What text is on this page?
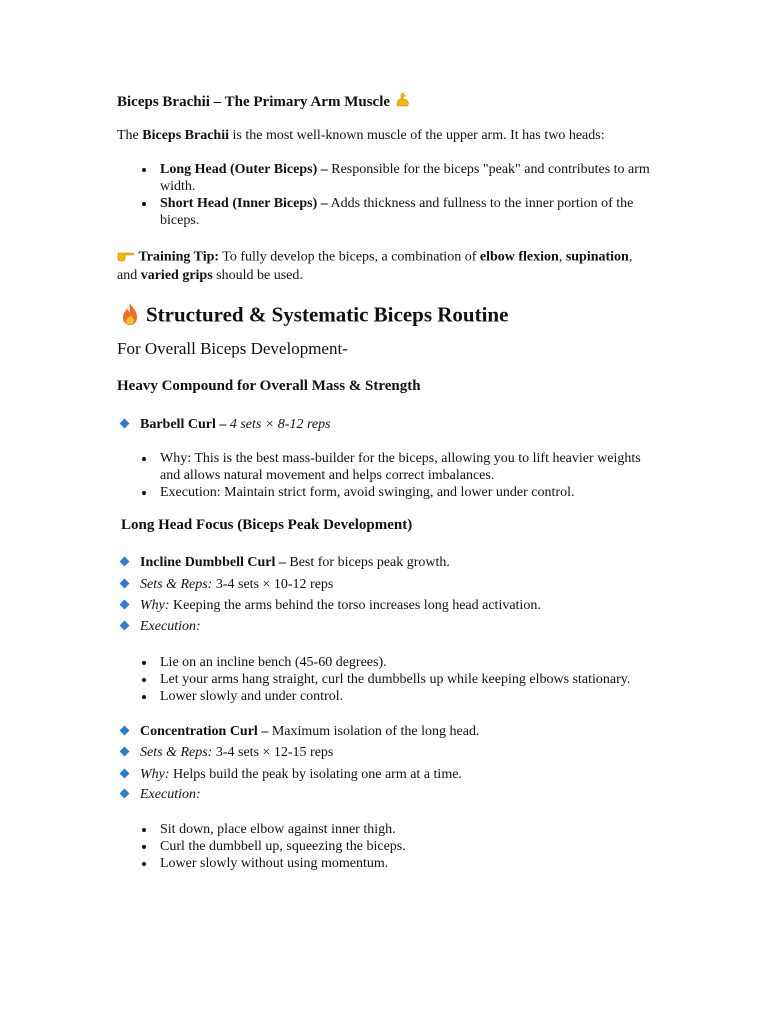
Biceps Brachii – The Primary Arm Muscle
The Biceps Brachii is the most well-known muscle of the upper arm. It has two heads:
Long Head (Outer Biceps) – Responsible for the biceps "peak" and contributes to arm width.
Short Head (Inner Biceps) – Adds thickness and fullness to the inner portion of the biceps.
Training Tip: To fully develop the biceps, a combination of elbow flexion, supination, and varied grips should be used.
Structured & Systematic Biceps Routine
For Overall Biceps Development-
Heavy Compound for Overall Mass & Strength
Barbell Curl – 4 sets × 8-12 reps
Why: This is the best mass-builder for the biceps, allowing you to lift heavier weights and allows natural movement and helps correct imbalances.
Execution: Maintain strict form, avoid swinging, and lower under control.
Long Head Focus (Biceps Peak Development)
Incline Dumbbell Curl – Best for biceps peak growth.
Sets & Reps: 3-4 sets × 10-12 reps
Why: Keeping the arms behind the torso increases long head activation.
Execution:
Lie on an incline bench (45-60 degrees).
Let your arms hang straight, curl the dumbbells up while keeping elbows stationary.
Lower slowly and under control.
Concentration Curl – Maximum isolation of the long head.
Sets & Reps: 3-4 sets × 12-15 reps
Why: Helps build the peak by isolating one arm at a time.
Execution:
Sit down, place elbow against inner thigh.
Curl the dumbbell up, squeezing the biceps.
Lower slowly without using momentum.
